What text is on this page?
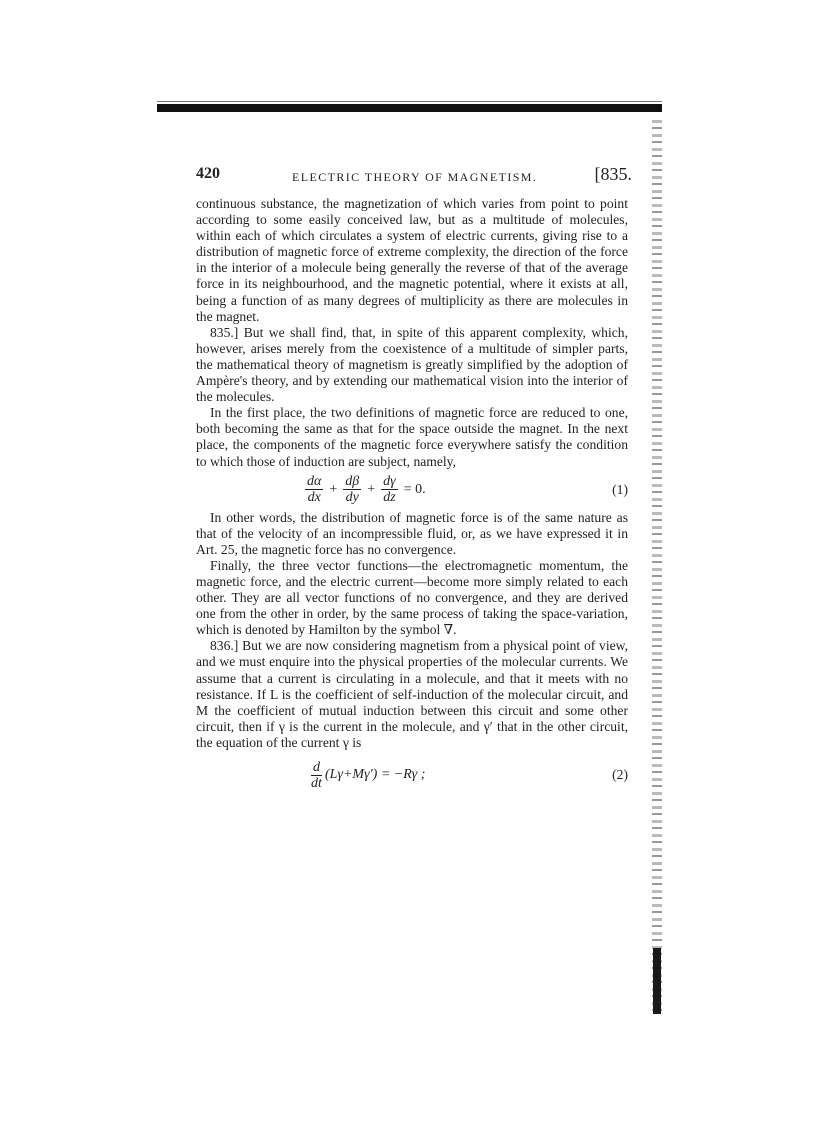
420	ELECTRIC THEORY OF MAGNETISM.	[835.

continuous substance, the magnetization of which varies from point to point according to some easily conceived law, but as a multitude of molecules, within each of which circulates a system of electric currents, giving rise to a distribution of magnetic force of extreme complexity, the direction of the force in the interior of a molecule being generally the reverse of that of the average force in its neighbourhood, and the magnetic potential, where it exists at all, being a function of as many degrees of multiplicity as there are molecules in the magnet.

835.] But we shall find, that, in spite of this apparent complexity, which, however, arises merely from the coexistence of a multitude of simpler parts, the mathematical theory of magnetism is greatly simplified by the adoption of Ampère's theory, and by extending our mathematical vision into the interior of the molecules.

In the first place, the two definitions of magnetic force are reduced to one, both becoming the same as that for the space outside the magnet. In the next place, the components of the magnetic force everywhere satisfy the condition to which those of induction are subject, namely,

$\frac{d\alpha}{dx} + \frac{d\beta}{dy} + \frac{d\gamma}{dz} = 0$.	(1)

In other words, the distribution of magnetic force is of the same nature as that of the velocity of an incompressible fluid, or, as we have expressed it in Art. 25, the magnetic force has no convergence.

Finally, the three vector functions—the electromagnetic momentum, the magnetic force, and the electric current—become more simply related to each other. They are all vector functions of no convergence, and they are derived one from the other in order, by the same process of taking the space-variation, which is denoted by Hamilton by the symbol ∇.

836.] But we are now considering magnetism from a physical point of view, and we must enquire into the physical properties of the molecular currents. We assume that a current is circulating in a molecule, and that it meets with no resistance. If L is the coefficient of self-induction of the molecular circuit, and M the coefficient of mutual induction between this circuit and some other circuit, then if γ is the current in the molecule, and γ′ that in the other circuit, the equation of the current γ is

$\frac{d}{dt} (L\gamma+M\gamma') = -R\gamma$ ;	(2)
